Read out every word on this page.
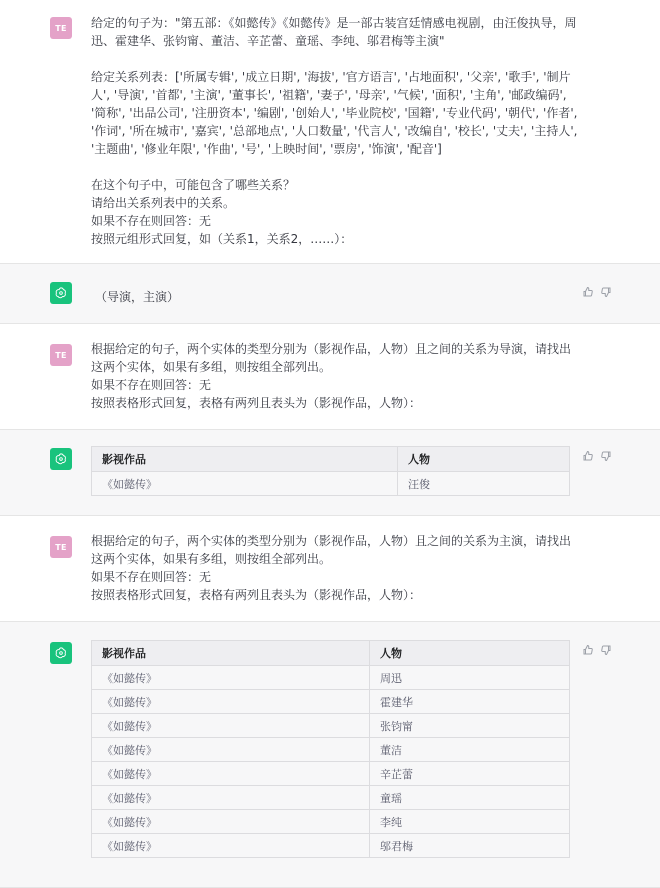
TE	给定的句子为："第五部：《如懿传》《如懿传》是一部古装宫廷情感电视剧，由汪俊执导，周迅、霍建华、张钧甯、董洁、辛芷蕾、童瑶、李纯、邬君梅等主演"

给定关系列表：['所属专辑', '成立日期', '海拔', '官方语言', '占地面积', '父亲', '歌手', '制片人', '导演', '首都', '主演', '董事长', '祖籍', '妻子', '母亲', '气候', '面积', '主角', '邮政编码', '简称', '出品公司', '注册资本', '编剧', '创始人', '毕业院校', '国籍', '专业代码', '朝代', '作者', '作词', '所在城市', '嘉宾', '总部地点', '人口数量', '代言人', '改编自', '校长', '丈夫', '主持人', '主题曲', '修业年限', '作曲', '号', '上映时间', '票房', '饰演', '配音']

在这个句子中，可能包含了哪些关系？
请给出关系列表中的关系。
如果不存在则回答：无
按照元组形式回复，如（关系1，关系2，……）：
（导演，主演）
TE	根据给定的句子，两个实体的类型分别为（影视作品，人物）且之间的关系为导演，请找出这两个实体，如果有多组，则按组全部列出。
如果不存在则回答：无
按照表格形式回复，表格有两列且表头为（影视作品，人物）：
影视作品	人物
《如懿传》	汪俊
TE	根据给定的句子，两个实体的类型分别为（影视作品，人物）且之间的关系为主演，请找出这两个实体，如果有多组，则按组全部列出。
如果不存在则回答：无
按照表格形式回复，表格有两列且表头为（影视作品，人物）：
影视作品	人物
《如懿传》	周迅
《如懿传》	霍建华
《如懿传》	张钧甯
《如懿传》	董洁
《如懿传》	辛芷蕾
《如懿传》	童瑶
《如懿传》	李纯
《如懿传》	邬君梅
